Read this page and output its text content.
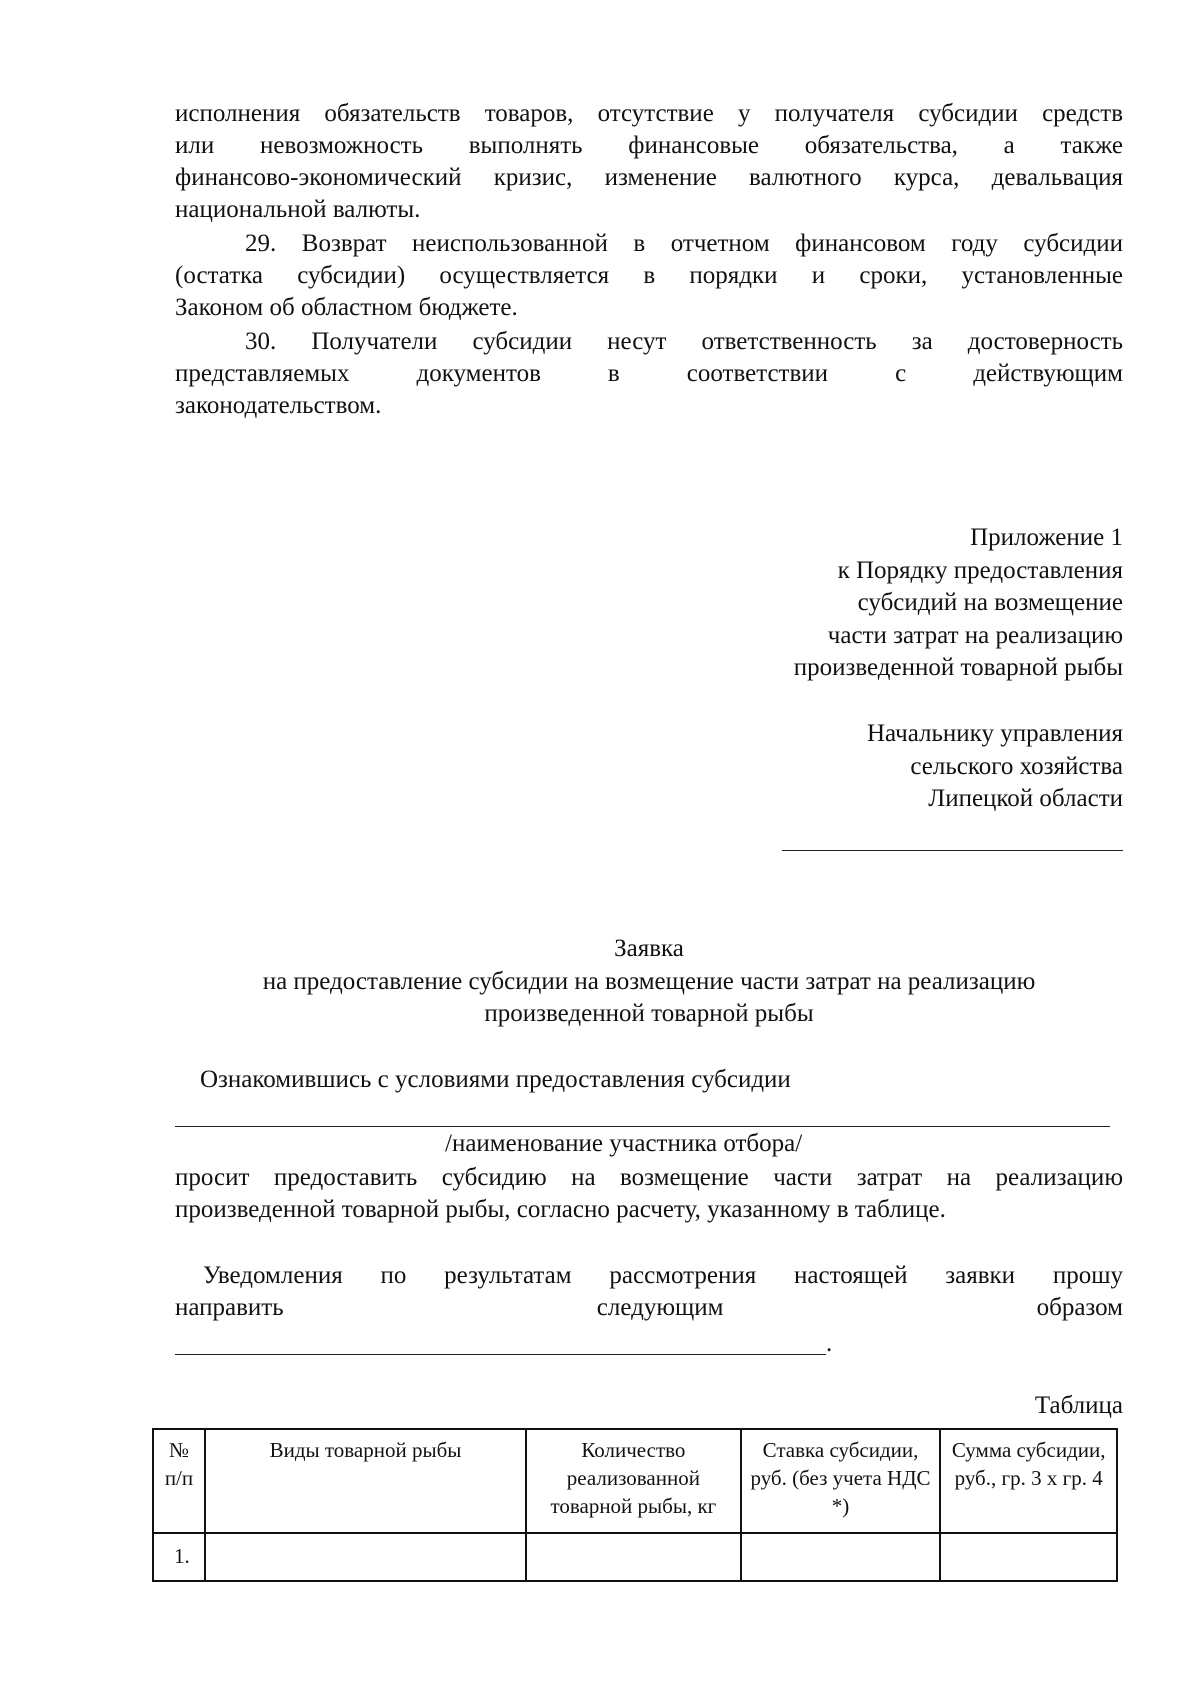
исполнения обязательств товаров, отсутствие у получателя субсидии средств
или невозможность выполнять финансовые обязательства, а также
финансово-экономический кризис, изменение валютного курса, девальвация
национальной валюты.
29. Возврат неиспользованной в отчетном финансовом году субсидии
(остатка субсидии) осуществляется в порядки и сроки, установленные
Законом об областном бюджете.
30. Получатели субсидии несут ответственность за достоверность
представляемых документов в соответствии с действующим
законодательством.
Приложение 1
к Порядку предоставления
субсидий на возмещение
части затрат на реализацию
произведенной товарной рыбы
Начальнику управления
сельского хозяйства
Липецкой области
Заявка
на предоставление субсидии на возмещение части затрат на реализацию
произведенной товарной рыбы
Ознакомившись с условиями предоставления субсидии
/наименование участника отбора/
просит предоставить субсидию на возмещение части затрат на реализацию
произведенной товарной рыбы, согласно расчету, указанному в таблице.
Уведомления по результатам рассмотрения настоящей заявки прошу
направить следующим образом
.
Таблица
№ п/п	Виды товарной рыбы	Количество реализованной товарной рыбы, кг	Ставка субсидии, руб. (без учета НДС *)	Сумма субсидии, руб., гр. 3 х гр. 4
1.				
